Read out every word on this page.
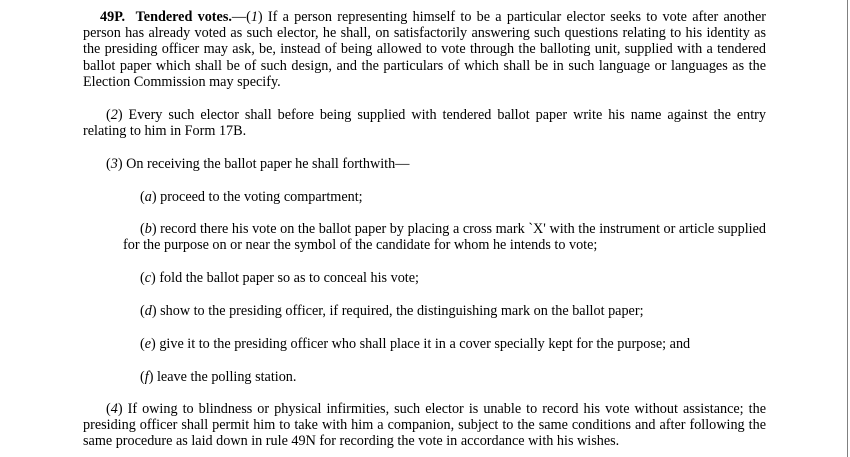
49P. Tendered votes.—(1) If a person representing himself to be a particular elector seeks to vote after another person has already voted as such elector, he shall, on satisfactorily answering such questions relating to his identity as the presiding officer may ask, be, instead of being allowed to vote through the balloting unit, supplied with a tendered ballot paper which shall be of such design, and the particulars of which shall be in such language or languages as the Election Commission may specify.

(2) Every such elector shall before being supplied with tendered ballot paper write his name against the entry relating to him in Form 17B.

(3) On receiving the ballot paper he shall forthwith—

(a) proceed to the voting compartment;

(b) record there his vote on the ballot paper by placing a cross mark `X' with the instrument or article supplied for the purpose on or near the symbol of the candidate for whom he intends to vote;

(c) fold the ballot paper so as to conceal his vote;

(d) show to the presiding officer, if required, the distinguishing mark on the ballot paper;

(e) give it to the presiding officer who shall place it in a cover specially kept for the purpose; and

(f) leave the polling station.

(4) If owing to blindness or physical infirmities, such elector is unable to record his vote without assistance; the presiding officer shall permit him to take with him a companion, subject to the same conditions and after following the same procedure as laid down in rule 49N for recording the vote in accordance with his wishes.
